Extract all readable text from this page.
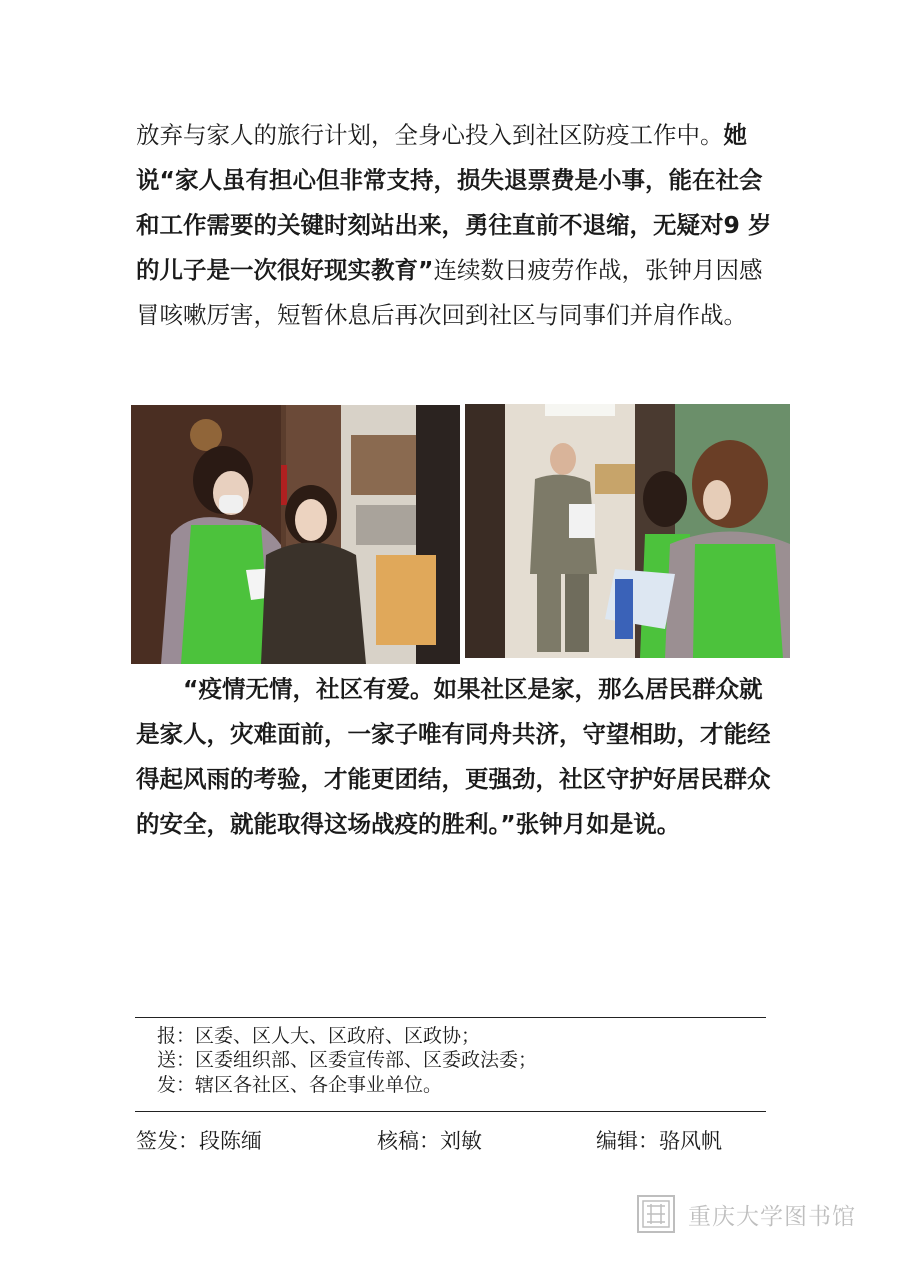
放弃与家人的旅行计划，全身心投入到社区防疫工作中。她说“家人虽有担心但非常支持，损失退票费是小事，能在社会和工作需要的关键时刻站出来，勇往直前不退缩，无疑对9 岁的儿子是一次很好现实教育”连续数日疲劳作战，张钟月因感冒咳嗽厉害，短暂休息后再次回到社区与同事们并肩作战。

“疫情无情，社区有爱。如果社区是家，那么居民群众就是家人，灾难面前，一家子唯有同舟共济，守望相助，才能经得起风雨的考验，才能更团结，更强劲，社区守护好居民群众的安全，就能取得这场战疫的胜利。”张钟月如是说。

报：区委、区人大、区政府、区政协；
送：区委组织部、区委宣传部、区委政法委；
发：辖区各社区、各企事业单位。
签发：段陈缅	核稿：刘敏	编辑：骆风帆
重庆大学图书馆
